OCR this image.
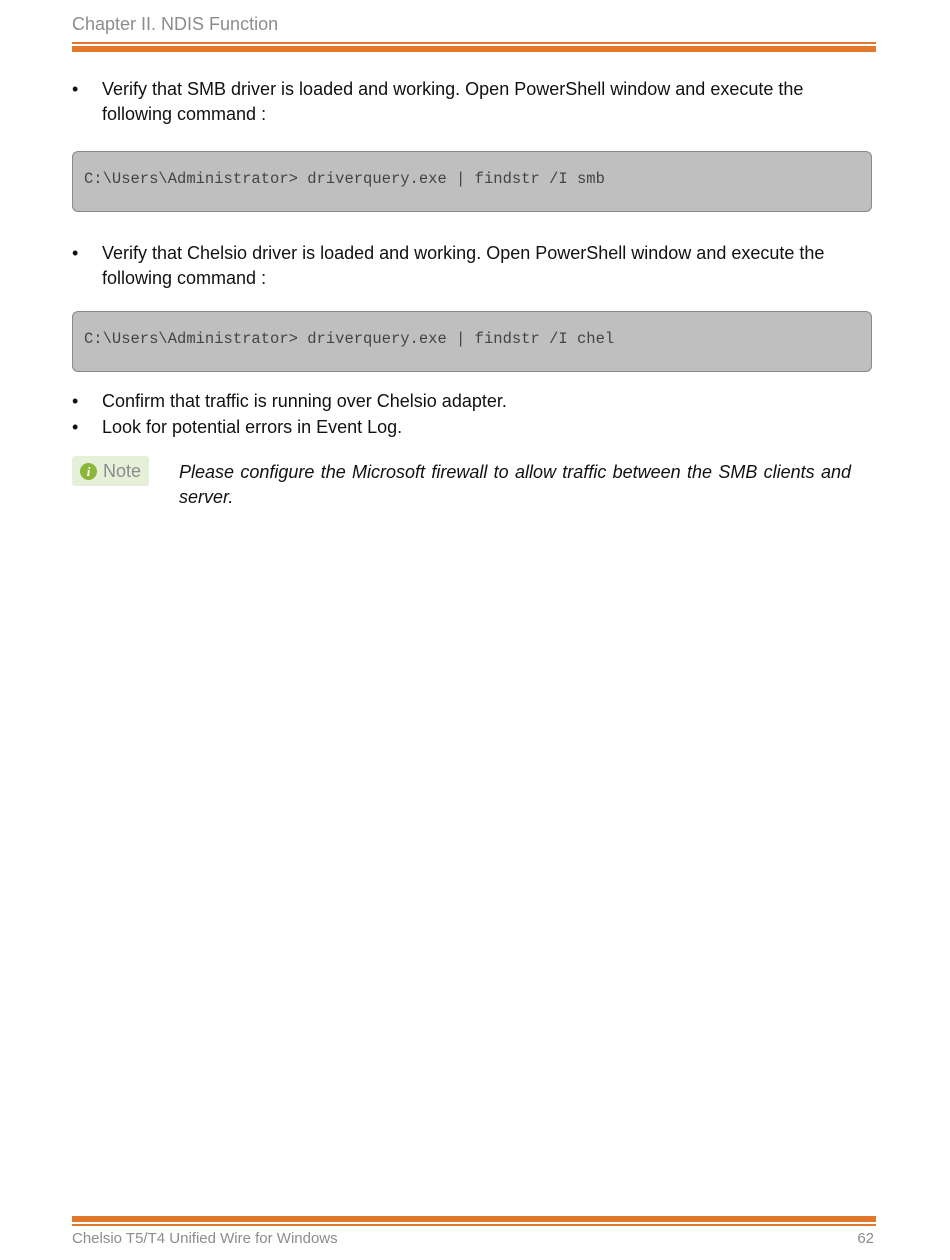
Chapter II. NDIS Function
•	Verify that SMB driver is loaded and working. Open PowerShell window and execute the following command :
C:\Users\Administrator> driverquery.exe | findstr /I smb
•	Verify that Chelsio driver is loaded and working. Open PowerShell window and execute the following command :
C:\Users\Administrator> driverquery.exe | findstr /I chel
•	Confirm that traffic is running over Chelsio adapter.
•	Look for potential errors in Event Log.
i Note Please configure the Microsoft firewall to allow traffic between the SMB clients and server.
Chelsio T5/T4 Unified Wire for Windows	62
